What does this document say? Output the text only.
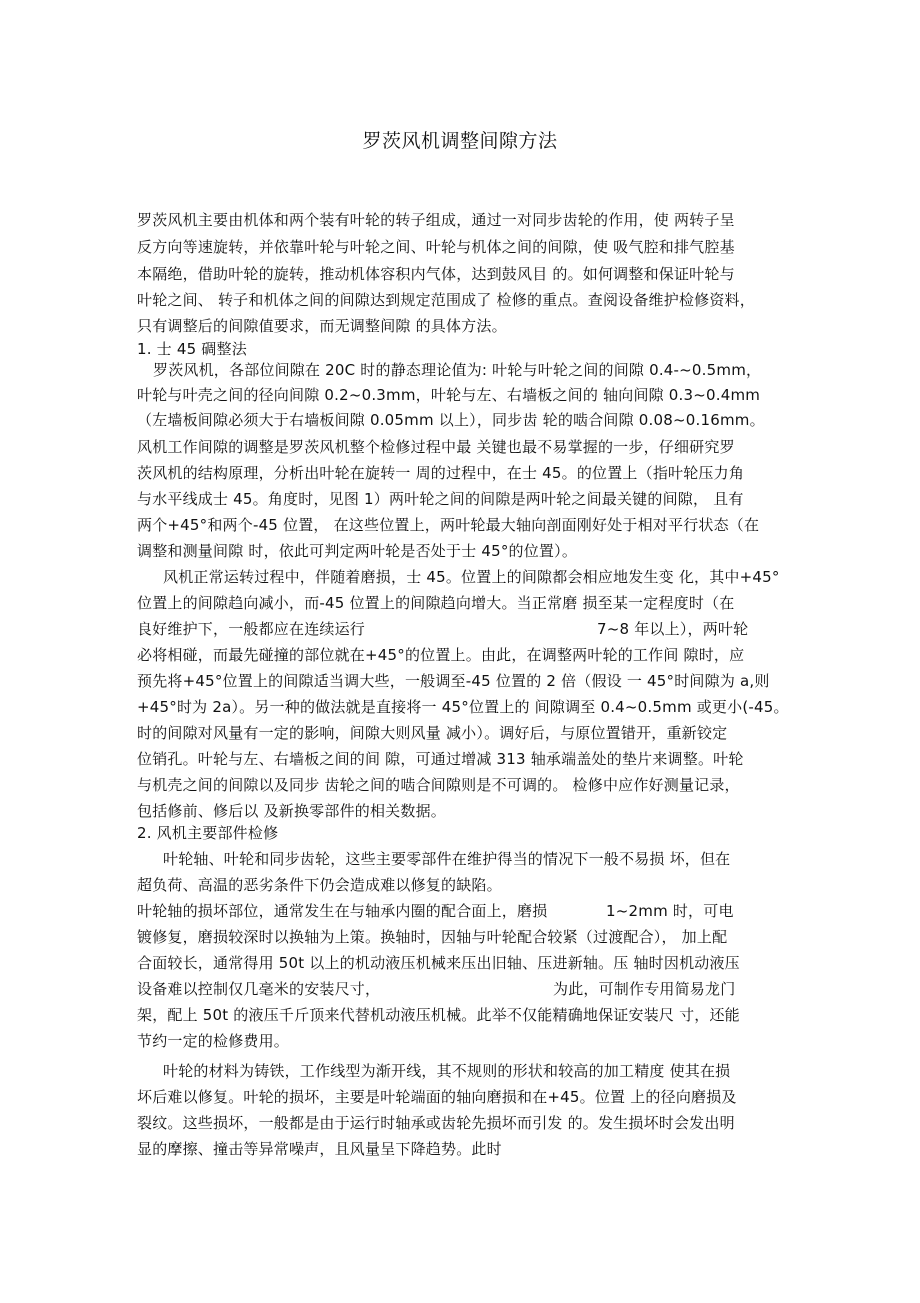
罗茨风机调整间隙方法
罗茨风机主要由机体和两个装有叶轮的转子组成，通过一对同步齿轮的作用，使 两转子呈
反方向等速旋转，并依靠叶轮与叶轮之间、叶轮与机体之间的间隙，使 吸气腔和排气腔基
本隔绝，借助叶轮的旋转，推动机体容积内气体，达到鼓风目 的。如何调整和保证叶轮与
叶轮之间、 转子和机体之间的间隙达到规定范围成了 检修的重点。查阅设备维护检修资料，
只有调整后的间隙值要求，而无调整间隙 的具体方法。
1. 士 45 碉整法
罗茨风机，各部位间隙在 20C 时的静态理论值为: 叶轮与叶轮之间的间隙 0.4-~0.5mm，
叶轮与叶壳之间的径向间隙 0.2~0.3mm，叶轮与左、右墙板之间的 轴向间隙 0.3~0.4mm
（左墙板间隙必须大于右墙板间隙 0.05mm 以上），同步齿 轮的啮合间隙 0.08~0.16mm。
风机工作间隙的调整是罗茨风机整个检修过程中最 关键也最不易掌握的一步，仔细研究罗
茨风机的结构原理，分析出叶轮在旋转一 周的过程中，在士 45。的位置上（指叶轮压力角
与水平线成士 45。角度时，见图 1）两叶轮之间的间隙是两叶轮之间最关键的间隙， 且有
两个+45°和两个-45 位置， 在这些位置上，两叶轮最大轴向剖面刚好处于相对平行状态（在
调整和测量间隙 时，依此可判定两叶轮是否处于士 45°的位置）。
风机正常运转过程中，伴随着磨损，士 45。位置上的间隙都会相应地发生变 化，其中+45°
位置上的间隙趋向减小，而-45 位置上的间隙趋向增大。当正常磨 损至某一定程度时（在
良好维护下，一般都应在连续运行	7~8 年以上），两叶轮
必将相碰，而最先碰撞的部位就在+45°的位置上。由此，在调整两叶轮的工作间 隙时，应
预先将+45°位置上的间隙适当调大些，一般调至-45 位置的 2 倍（假设 一 45°时间隙为 a,则
+45°时为 2a）。另一种的做法就是直接将一 45°位置上的 间隙调至 0.4~0.5mm 或更小(-45。
时的间隙对风量有一定的影响，间隙大则风量 减小）。调好后，与原位置错开，重新铰定
位销孔。叶轮与左、右墙板之间的间 隙，可通过增减 313 轴承端盖处的垫片来调整。叶轮
与机壳之间的间隙以及同步 齿轮之间的啮合间隙则是不可调的。 检修中应作好测量记录，
包括修前、修后以 及新换零部件的相关数据。
2. 风机主要部件检修
叶轮轴、叶轮和同步齿轮，这些主要零部件在维护得当的情况下一般不易损 坏，但在
超负荷、高温的恶劣条件下仍会造成难以修复的缺陷。
叶轮轴的损坏部位，通常发生在与轴承内圈的配合面上，磨损	1~2mm 时，可电
镀修复，磨损较深时以换轴为上策。换轴时，因轴与叶轮配合较紧（过渡配合）， 加上配
合面较长，通常得用 50t 以上的机动液压机械来压出旧轴、压进新轴。压 轴时因机动液压
设备难以控制仅几毫米的安装尺寸，	为此，可制作专用简易龙门
架，配上 50t 的液压千斤顶来代替机动液压机械。此举不仅能精确地保证安装尺 寸，还能
节约一定的检修费用。
叶轮的材料为铸铁，工作线型为渐开线，其不规则的形状和较高的加工精度 使其在损
坏后难以修复。叶轮的损坏，主要是叶轮端面的轴向磨损和在+45。位置 上的径向磨损及
裂纹。这些损坏，一般都是由于运行时轴承或齿轮先损坏而引发 的。发生损坏时会发出明
显的摩擦、撞击等异常噪声，且风量呈下降趋势。此时
